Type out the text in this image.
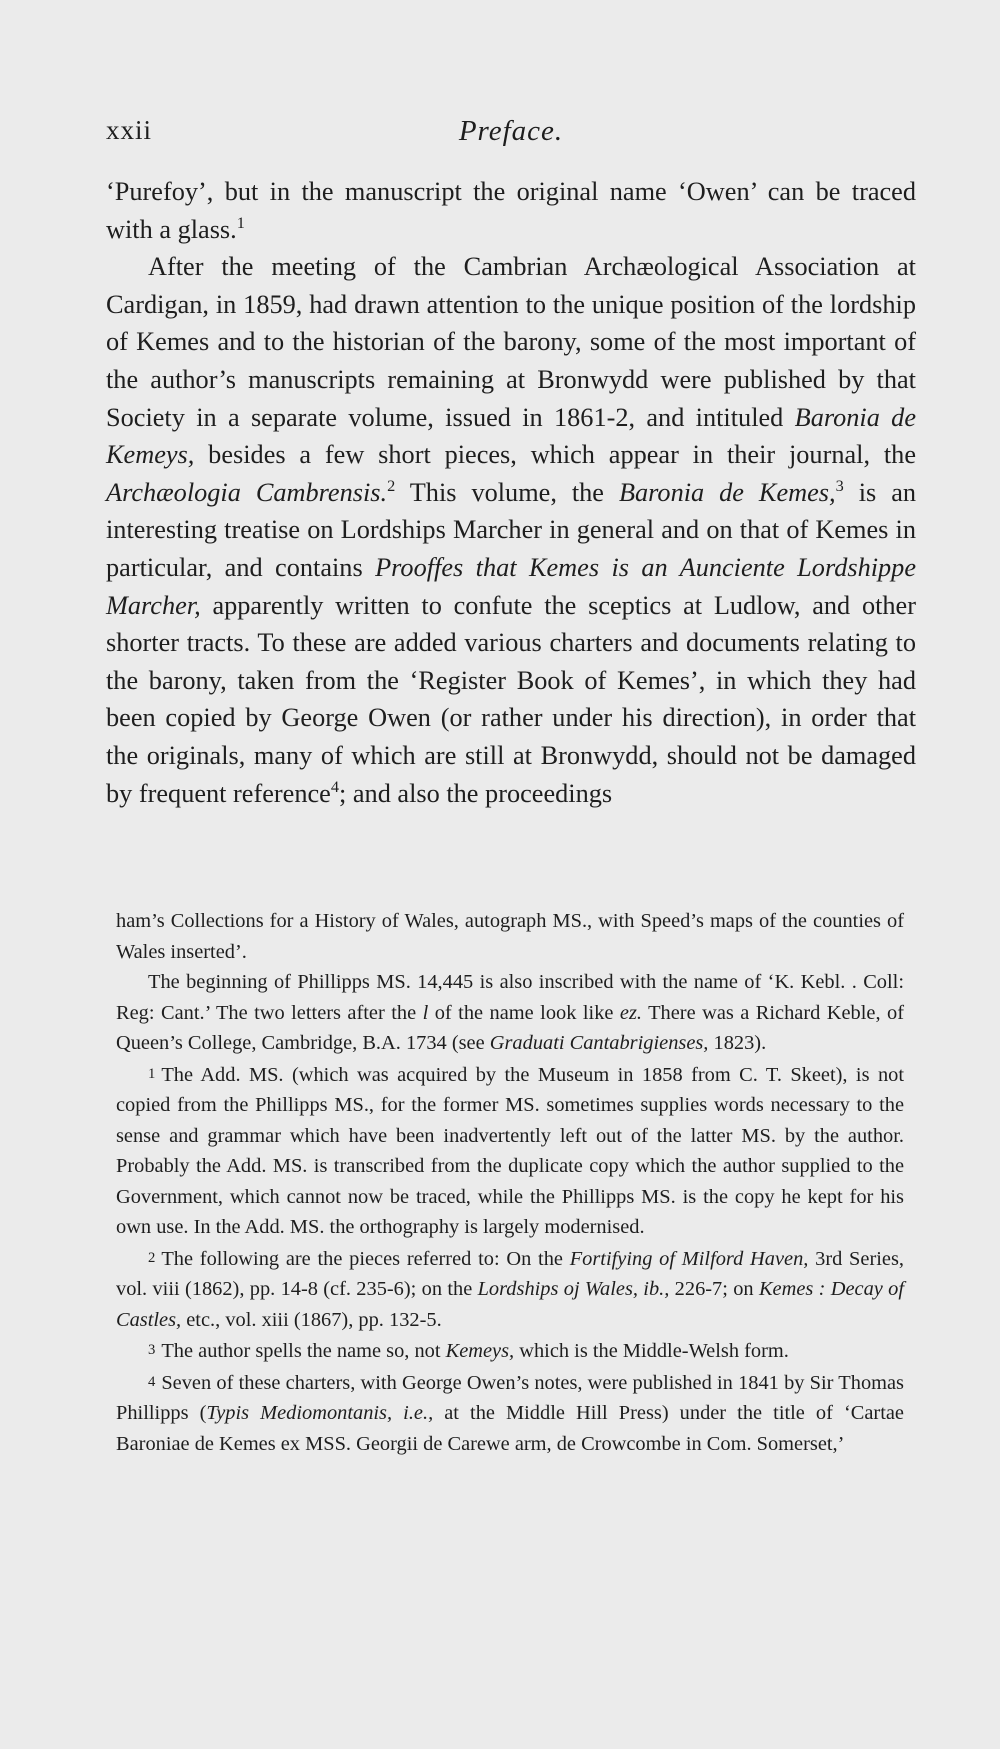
xxii	Preface.

‘Purefoy’, but in the manuscript the original name ‘Owen’ can be traced with a glass.$^1$

After the meeting of the Cambrian Archæological Association at Cardigan, in 1859, had drawn attention to the unique position of the lordship of Kemes and to the historian of the barony, some of the most important of the author’s manuscripts remaining at Bronwydd were published by that Society in a separate volume, issued in 1861-2, and intituled Baronia de Kemeys, besides a few short pieces, which appear in their journal, the Archæologia Cambrensis.$^2$ This volume, the Baronia de Kemes,$^3$ is an interesting treatise on Lordships Marcher in general and on that of Kemes in particular, and contains Prooffes that Kemes is an Aunciente Lordshippe Marcher, apparently written to confute the sceptics at Ludlow, and other shorter tracts. To these are added various charters and documents relating to the barony, taken from the ‘Register Book of Kemes’, in which they had been copied by George Owen (or rather under his direction), in order that the originals, many of which are still at Bronwydd, should not be damaged by frequent reference$^4$; and also the proceedings

ham’s Collections for a History of Wales, autograph MS., with Speed’s maps of the counties of Wales inserted’.

The beginning of Phillipps MS. 14,445 is also inscribed with the name of ‘K. Kebl. . Coll: Reg: Cant.’ The two letters after the l of the name look like ez. There was a Richard Keble, of Queen’s College, Cambridge, B.A. 1734 (see Graduati Cantabrigienses, 1823).

1 The Add. MS. (which was acquired by the Museum in 1858 from C. T. Skeet), is not copied from the Phillipps MS., for the former MS. sometimes supplies words necessary to the sense and grammar which have been inadvertently left out of the latter MS. by the author. Probably the Add. MS. is transcribed from the duplicate copy which the author supplied to the Government, which cannot now be traced, while the Phillipps MS. is the copy he kept for his own use. In the Add. MS. the orthography is largely modernised.

2 The following are the pieces referred to: On the Fortifying of Milford Haven, 3rd Series, vol. viii (1862), pp. 14-8 (cf. 235-6); on the Lordships oj Wales, ib., 226-7; on Kemes : Decay of Castles, etc., vol. xiii (1867), pp. 132-5.

3 The author spells the name so, not Kemeys, which is the Middle-Welsh form.

4 Seven of these charters, with George Owen’s notes, were published in 1841 by Sir Thomas Phillipps (Typis Mediomontanis, i.e., at the Middle Hill Press) under the title of ‘Cartae Baroniae de Kemes ex MSS. Georgii de Carewe arm, de Crowcombe in Com. Somerset,’
